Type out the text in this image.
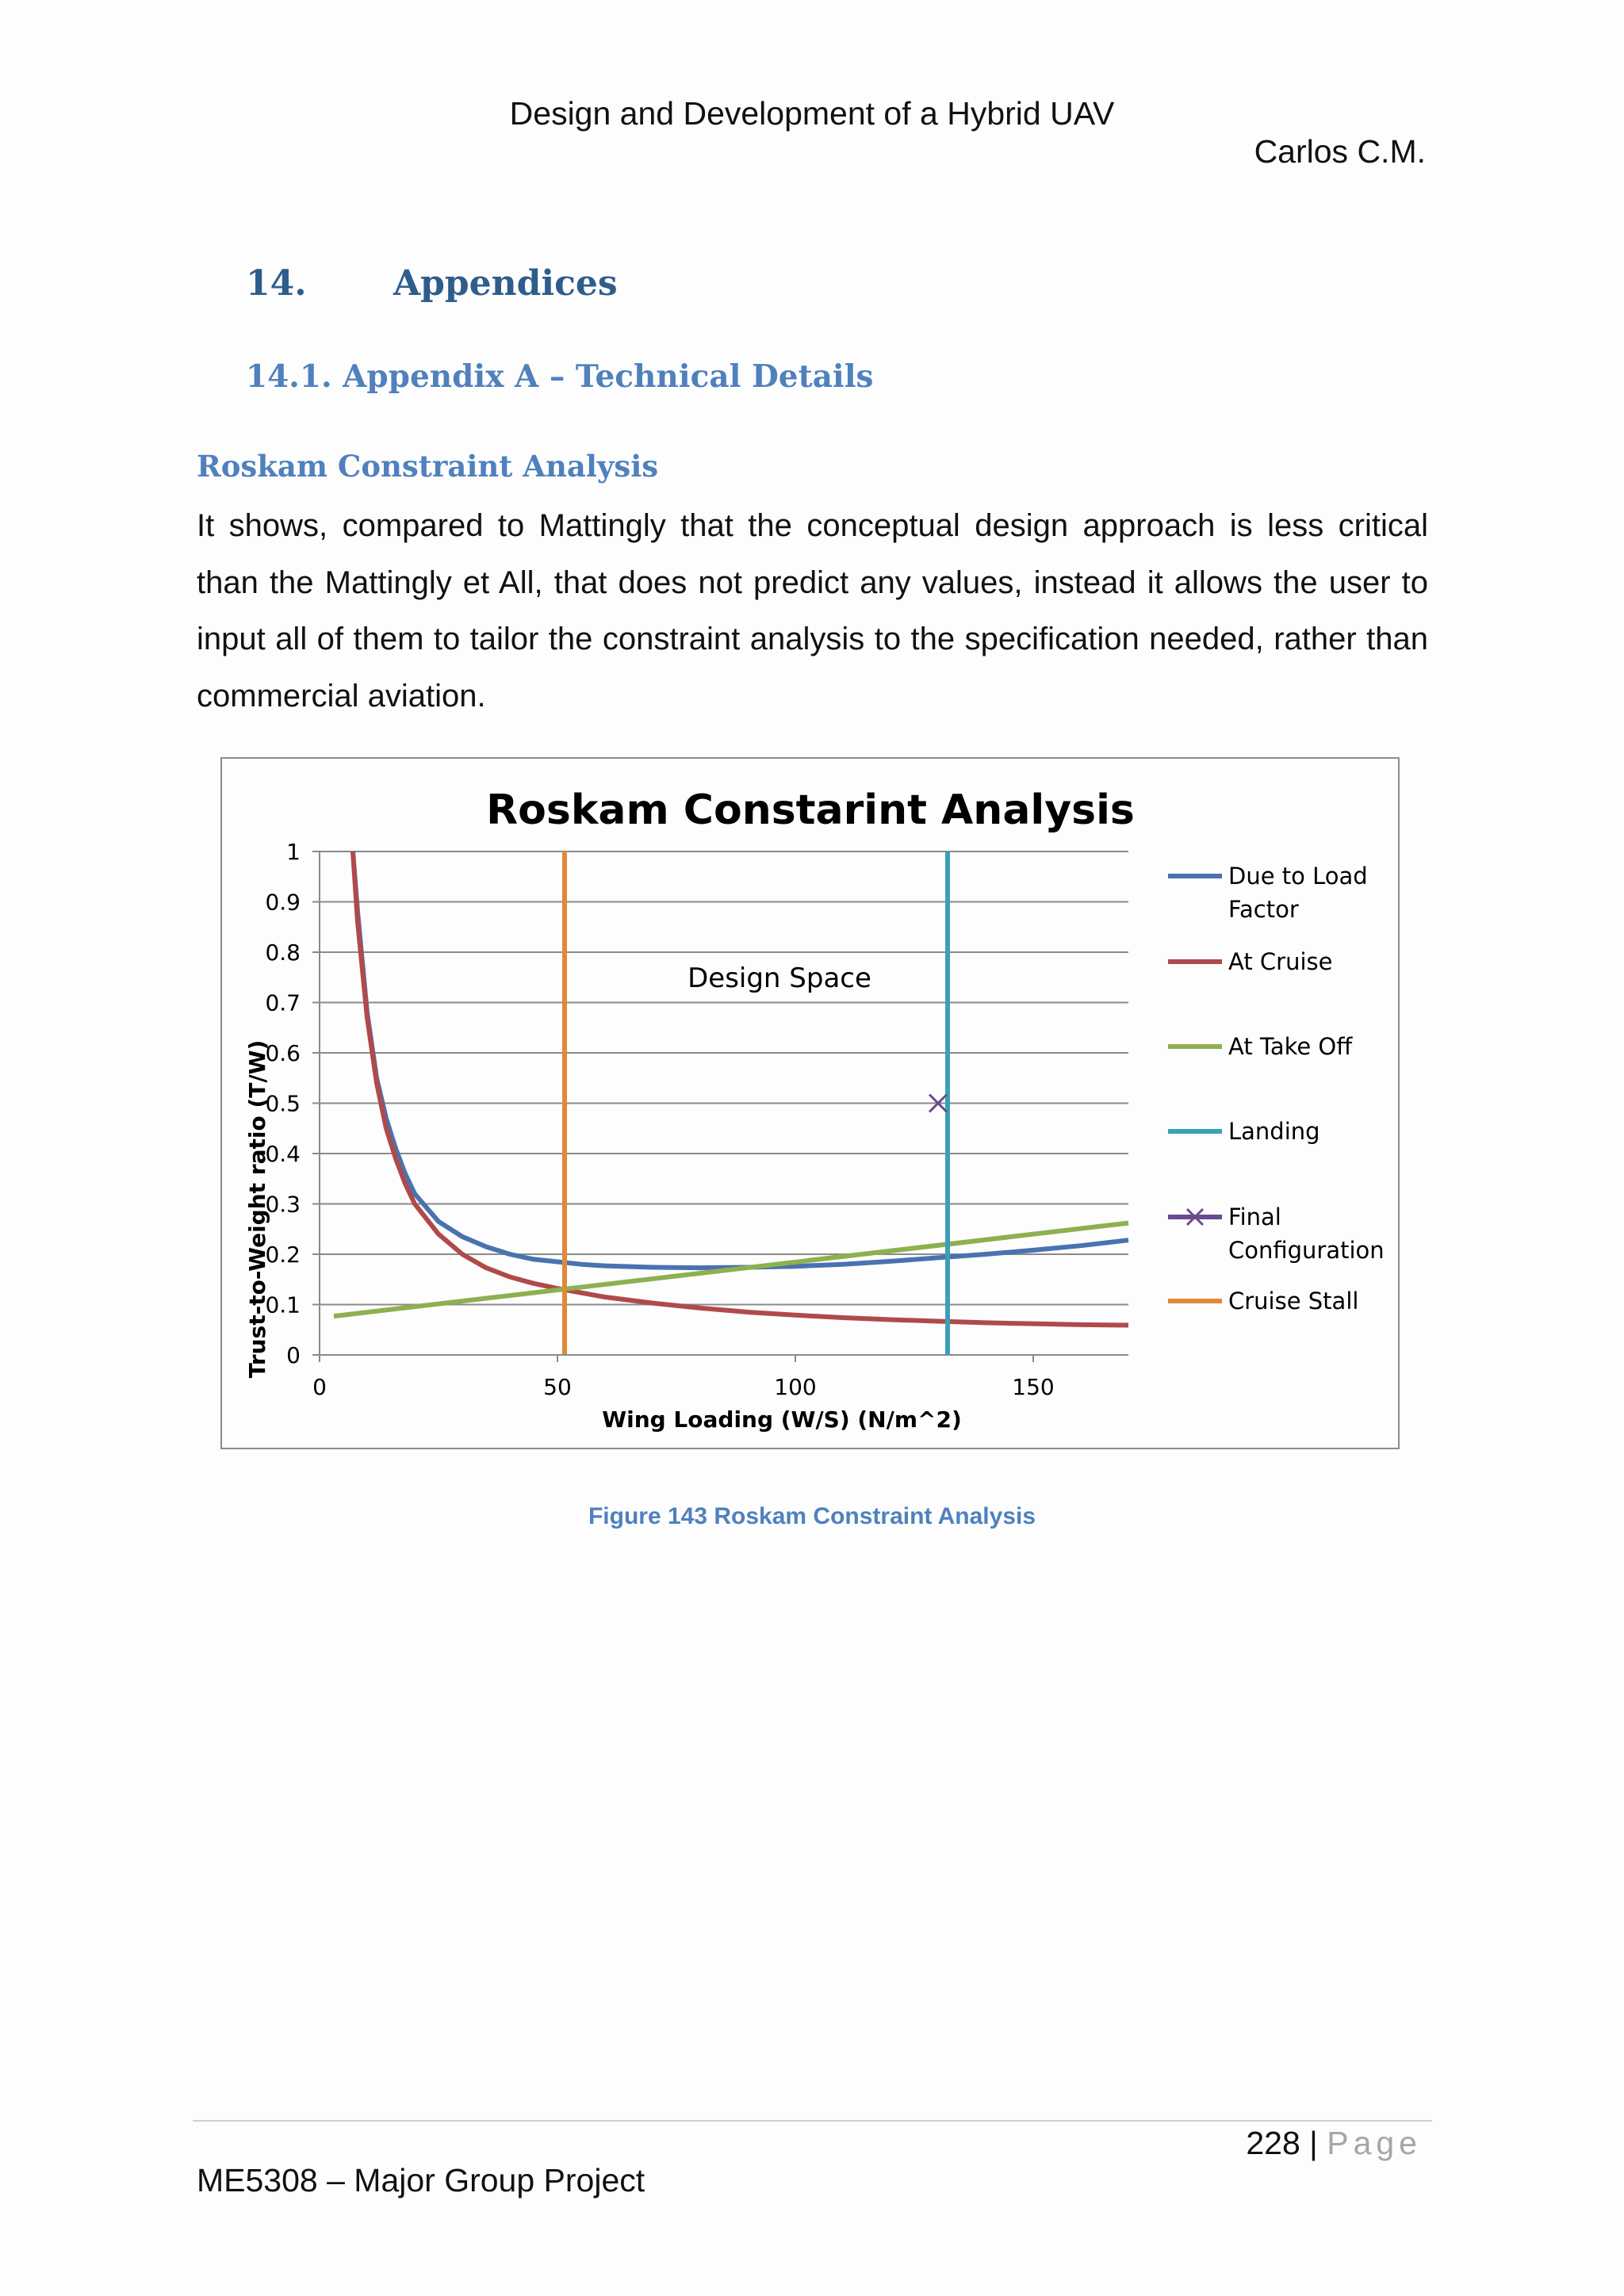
Design and Development of a Hybrid UAV
Carlos C.M.
14. Appendices
14.1. Appendix A – Technical Details
Roskam Constraint Analysis
It shows, compared to Mattingly that the conceptual design approach is less critical than the Mattingly et All, that does not predict any values, instead it allows the user to input all of them to tailor the constraint analysis to the specification needed, rather than commercial aviation.
0
0.1
0.2
0.3
0.4
0.5
0.6
0.7
0.8
0.9
1
0	50	100	150
Due to Load Factor
At Cruise
At Take Off
Landing
Final Configuration
Cruise Stall
Roskam Constarint Analysis
Design Space
Wing Loading (W/S) (N/m^2)
Trust-to-Weight ratio (T/W)
Figure 143 Roskam Constraint Analysis
228 | Page
ME5308 – Major Group Project
